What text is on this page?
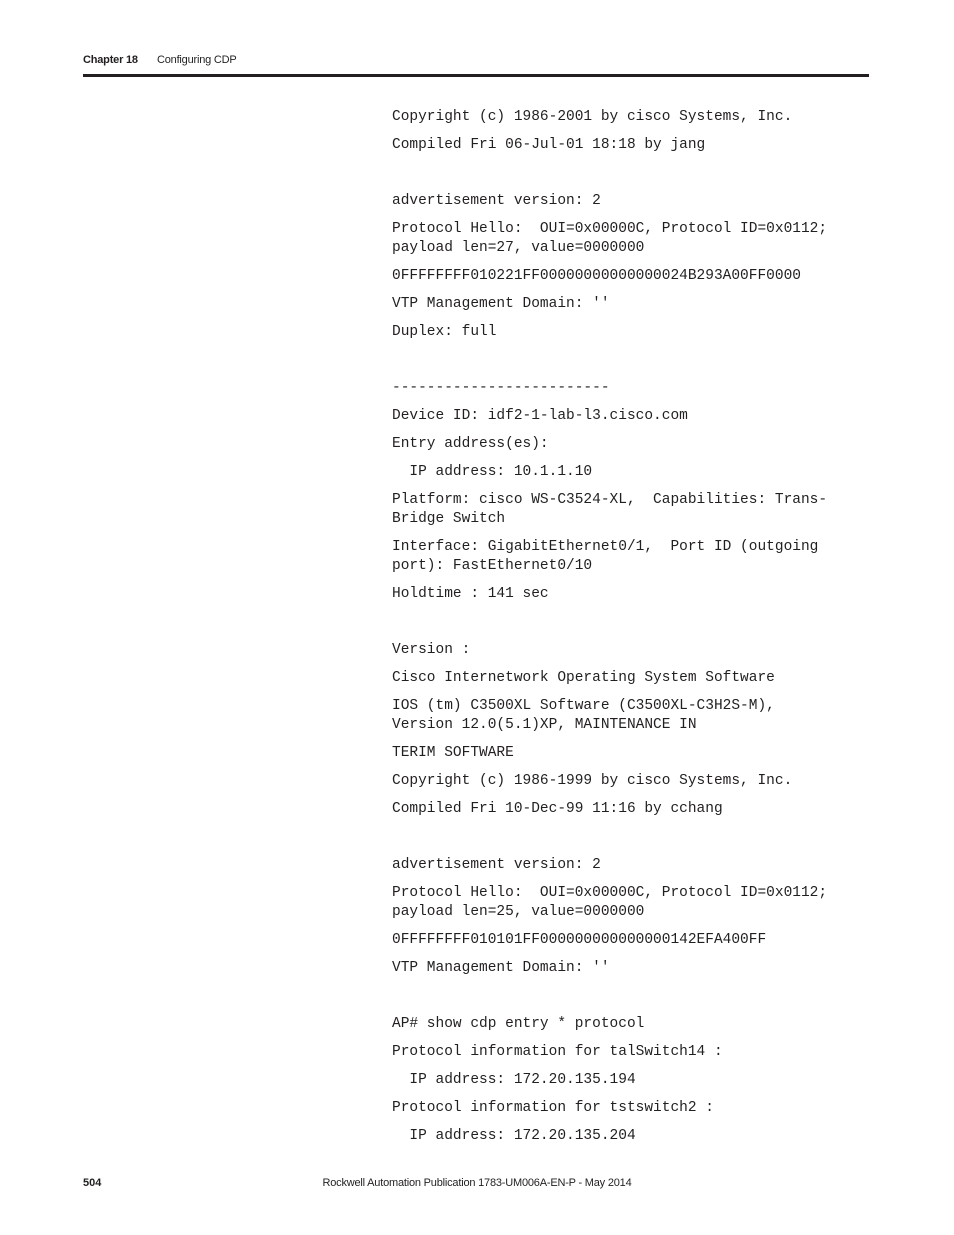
Chapter 18 Configuring CDP
Copyright (c) 1986-2001 by cisco Systems, Inc.
Compiled Fri 06-Jul-01 18:18 by jang
advertisement version: 2
Protocol Hello:  OUI=0x00000C, Protocol ID=0x0112;
payload len=27, value=0000000
0FFFFFFFF010221FF00000000000000024B293A00FF0000
VTP Management Domain: ''
Duplex: full
-------------------------
Device ID: idf2-1-lab-l3.cisco.com
Entry address(es):
IP address: 10.1.1.10
Platform: cisco WS-C3524-XL,  Capabilities: Trans-
Bridge Switch
Interface: GigabitEthernet0/1,  Port ID (outgoing
port): FastEthernet0/10
Holdtime : 141 sec
Version :
Cisco Internetwork Operating System Software
IOS (tm) C3500XL Software (C3500XL-C3H2S-M),
Version 12.0(5.1)XP, MAINTENANCE IN
TERIM SOFTWARE
Copyright (c) 1986-1999 by cisco Systems, Inc.
Compiled Fri 10-Dec-99 11:16 by cchang
advertisement version: 2
Protocol Hello:  OUI=0x00000C, Protocol ID=0x0112;
payload len=25, value=0000000
0FFFFFFFF010101FF000000000000000142EFA400FF
VTP Management Domain: ''
AP# show cdp entry * protocol
Protocol information for talSwitch14 :
IP address: 172.20.135.194
Protocol information for tstswitch2 :
IP address: 172.20.135.204
504	Rockwell Automation Publication 1783-UM006A-EN-P - May 2014
